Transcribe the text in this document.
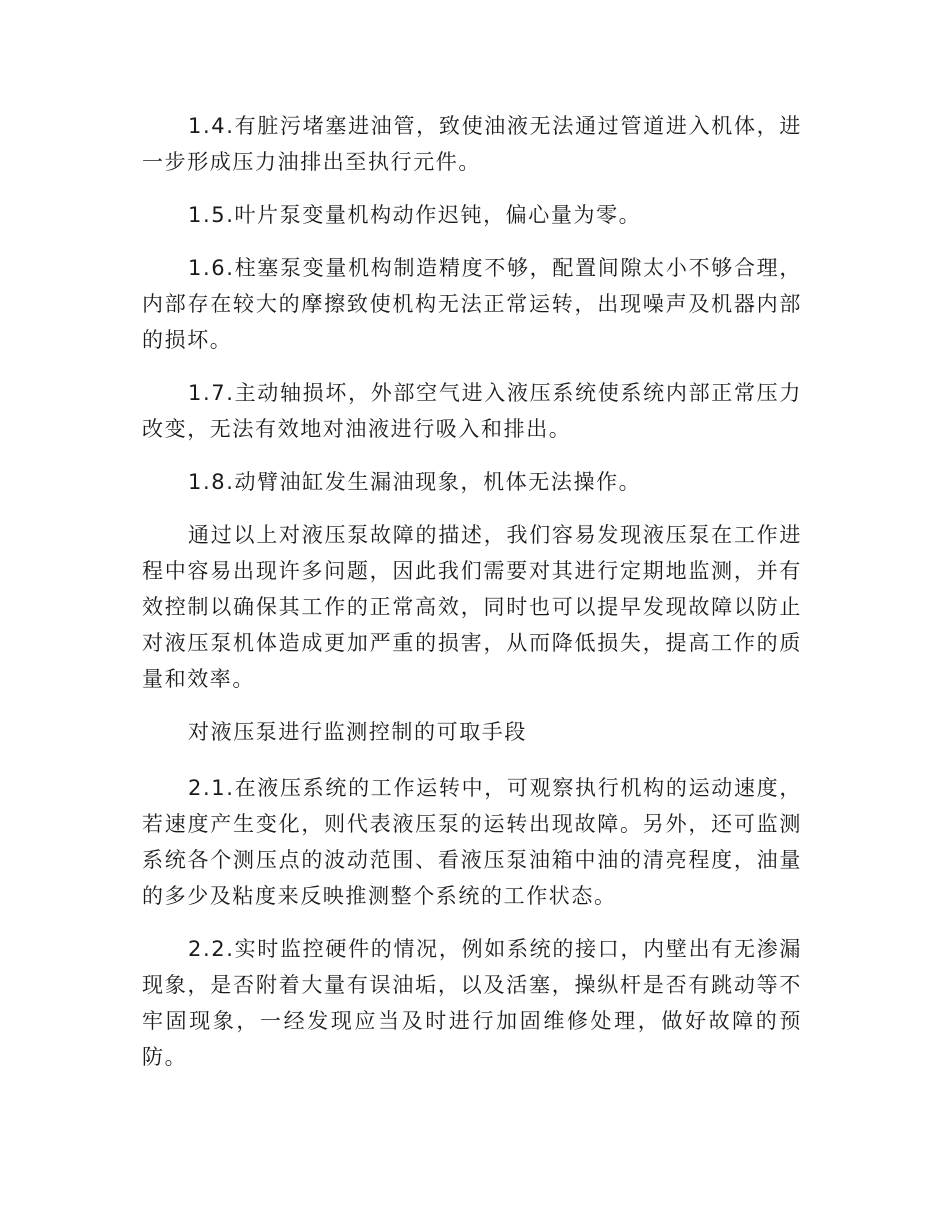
1.4.有脏污堵塞进油管，致使油液无法通过管道进入机体，进一步形成压力油排出至执行元件。

1.5.叶片泵变量机构动作迟钝，偏心量为零。

1.6.柱塞泵变量机构制造精度不够，配置间隙太小不够合理，内部存在较大的摩擦致使机构无法正常运转，出现噪声及机器内部的损坏。

1.7.主动轴损坏，外部空气进入液压系统使系统内部正常压力改变，无法有效地对油液进行吸入和排出。

1.8.动臂油缸发生漏油现象，机体无法操作。

通过以上对液压泵故障的描述，我们容易发现液压泵在工作进程中容易出现许多问题，因此我们需要对其进行定期地监测，并有效控制以确保其工作的正常高效，同时也可以提早发现故障以防止对液压泵机体造成更加严重的损害，从而降低损失，提高工作的质量和效率。

对液压泵进行监测控制的可取手段

2.1.在液压系统的工作运转中，可观察执行机构的运动速度，若速度产生变化，则代表液压泵的运转出现故障。另外，还可监测系统各个测压点的波动范围、看液压泵油箱中油的清亮程度，油量的多少及粘度来反映推测整个系统的工作状态。

2.2.实时监控硬件的情况，例如系统的接口，内壁出有无渗漏现象，是否附着大量有误油垢，以及活塞，操纵杆是否有跳动等不牢固现象，一经发现应当及时进行加固维修处理，做好故障的预防。
